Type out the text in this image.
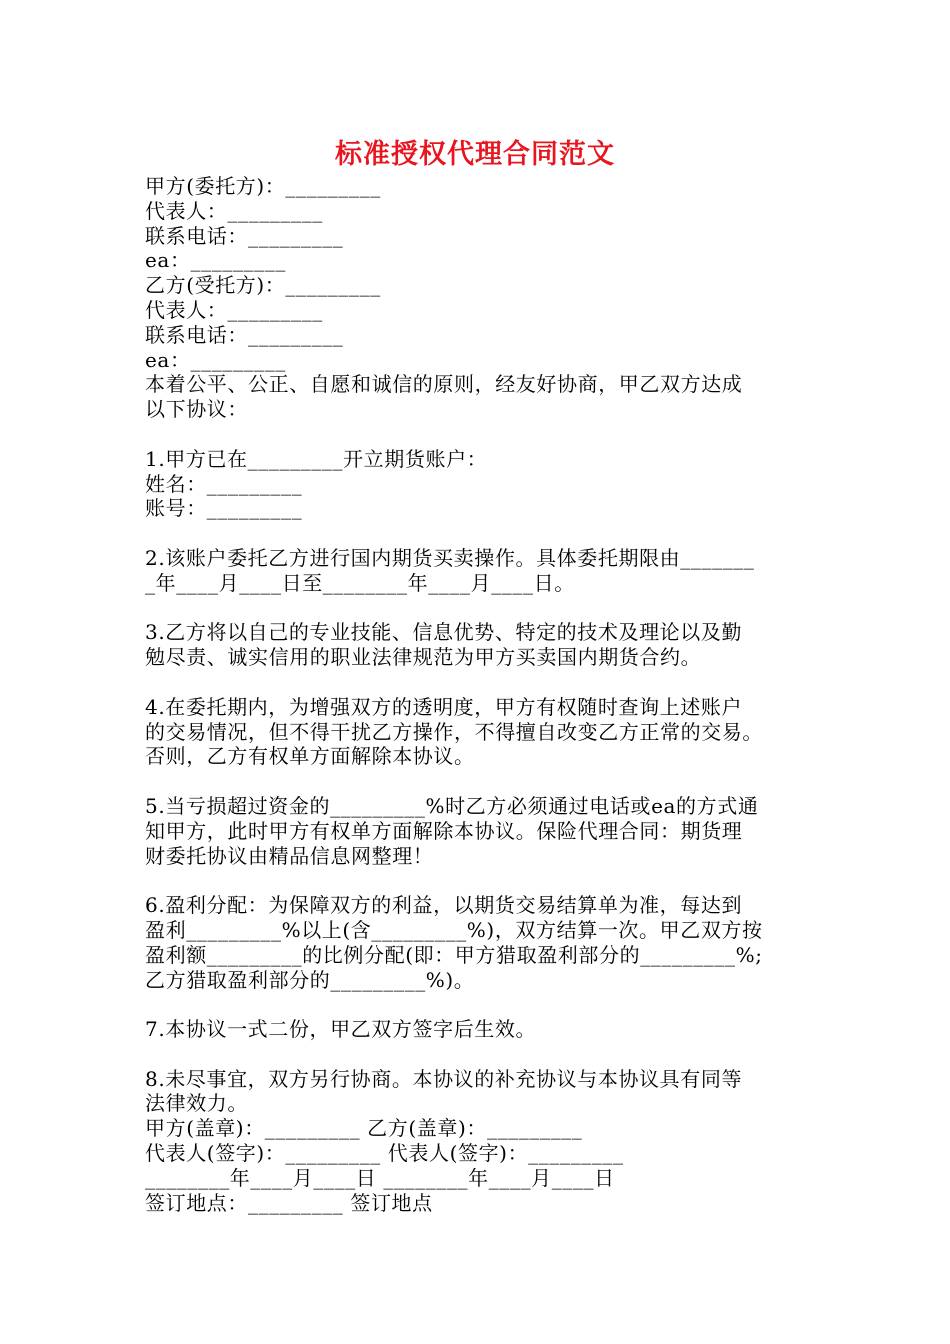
标准授权代理合同范文
甲方(委托方)：_________
代表人：_________
联系电话：_________
ea：_________
乙方(受托方)：_________
代表人：_________
联系电话：_________
ea：_________
本着公平、公正、自愿和诚信的原则，经友好协商，甲乙双方达成
以下协议：
1.甲方已在_________开立期货账户：
姓名：_________
账号：_________
2.该账户委托乙方进行国内期货买卖操作。具体委托期限由_______
_年____月____日至________年____月____日。
3.乙方将以自己的专业技能、信息优势、特定的技术及理论以及勤
勉尽责、诚实信用的职业法律规范为甲方买卖国内期货合约。
4.在委托期内，为增强双方的透明度，甲方有权随时查询上述账户
的交易情况，但不得干扰乙方操作，不得擅自改变乙方正常的交易。
否则，乙方有权单方面解除本协议。
5.当亏损超过资金的_________%时乙方必须通过电话或ea的方式通
知甲方，此时甲方有权单方面解除本协议。保险代理合同：期货理
财委托协议由精品信息网整理！
6.盈利分配：为保障双方的利益，以期货交易结算单为准，每达到
盈利_________%以上(含_________%)，双方结算一次。甲乙双方按
盈利额_________的比例分配(即：甲方猎取盈利部分的_________%;
乙方猎取盈利部分的_________%)。
7.本协议一式二份，甲乙双方签字后生效。
8.未尽事宜，双方另行协商。本协议的补充协议与本协议具有同等
法律效力。
甲方(盖章)：_________ 乙方(盖章)：_________
代表人(签字)：_________ 代表人(签字)：_________
________年____月____日 ________年____月____日
签订地点：_________ 签订地点
